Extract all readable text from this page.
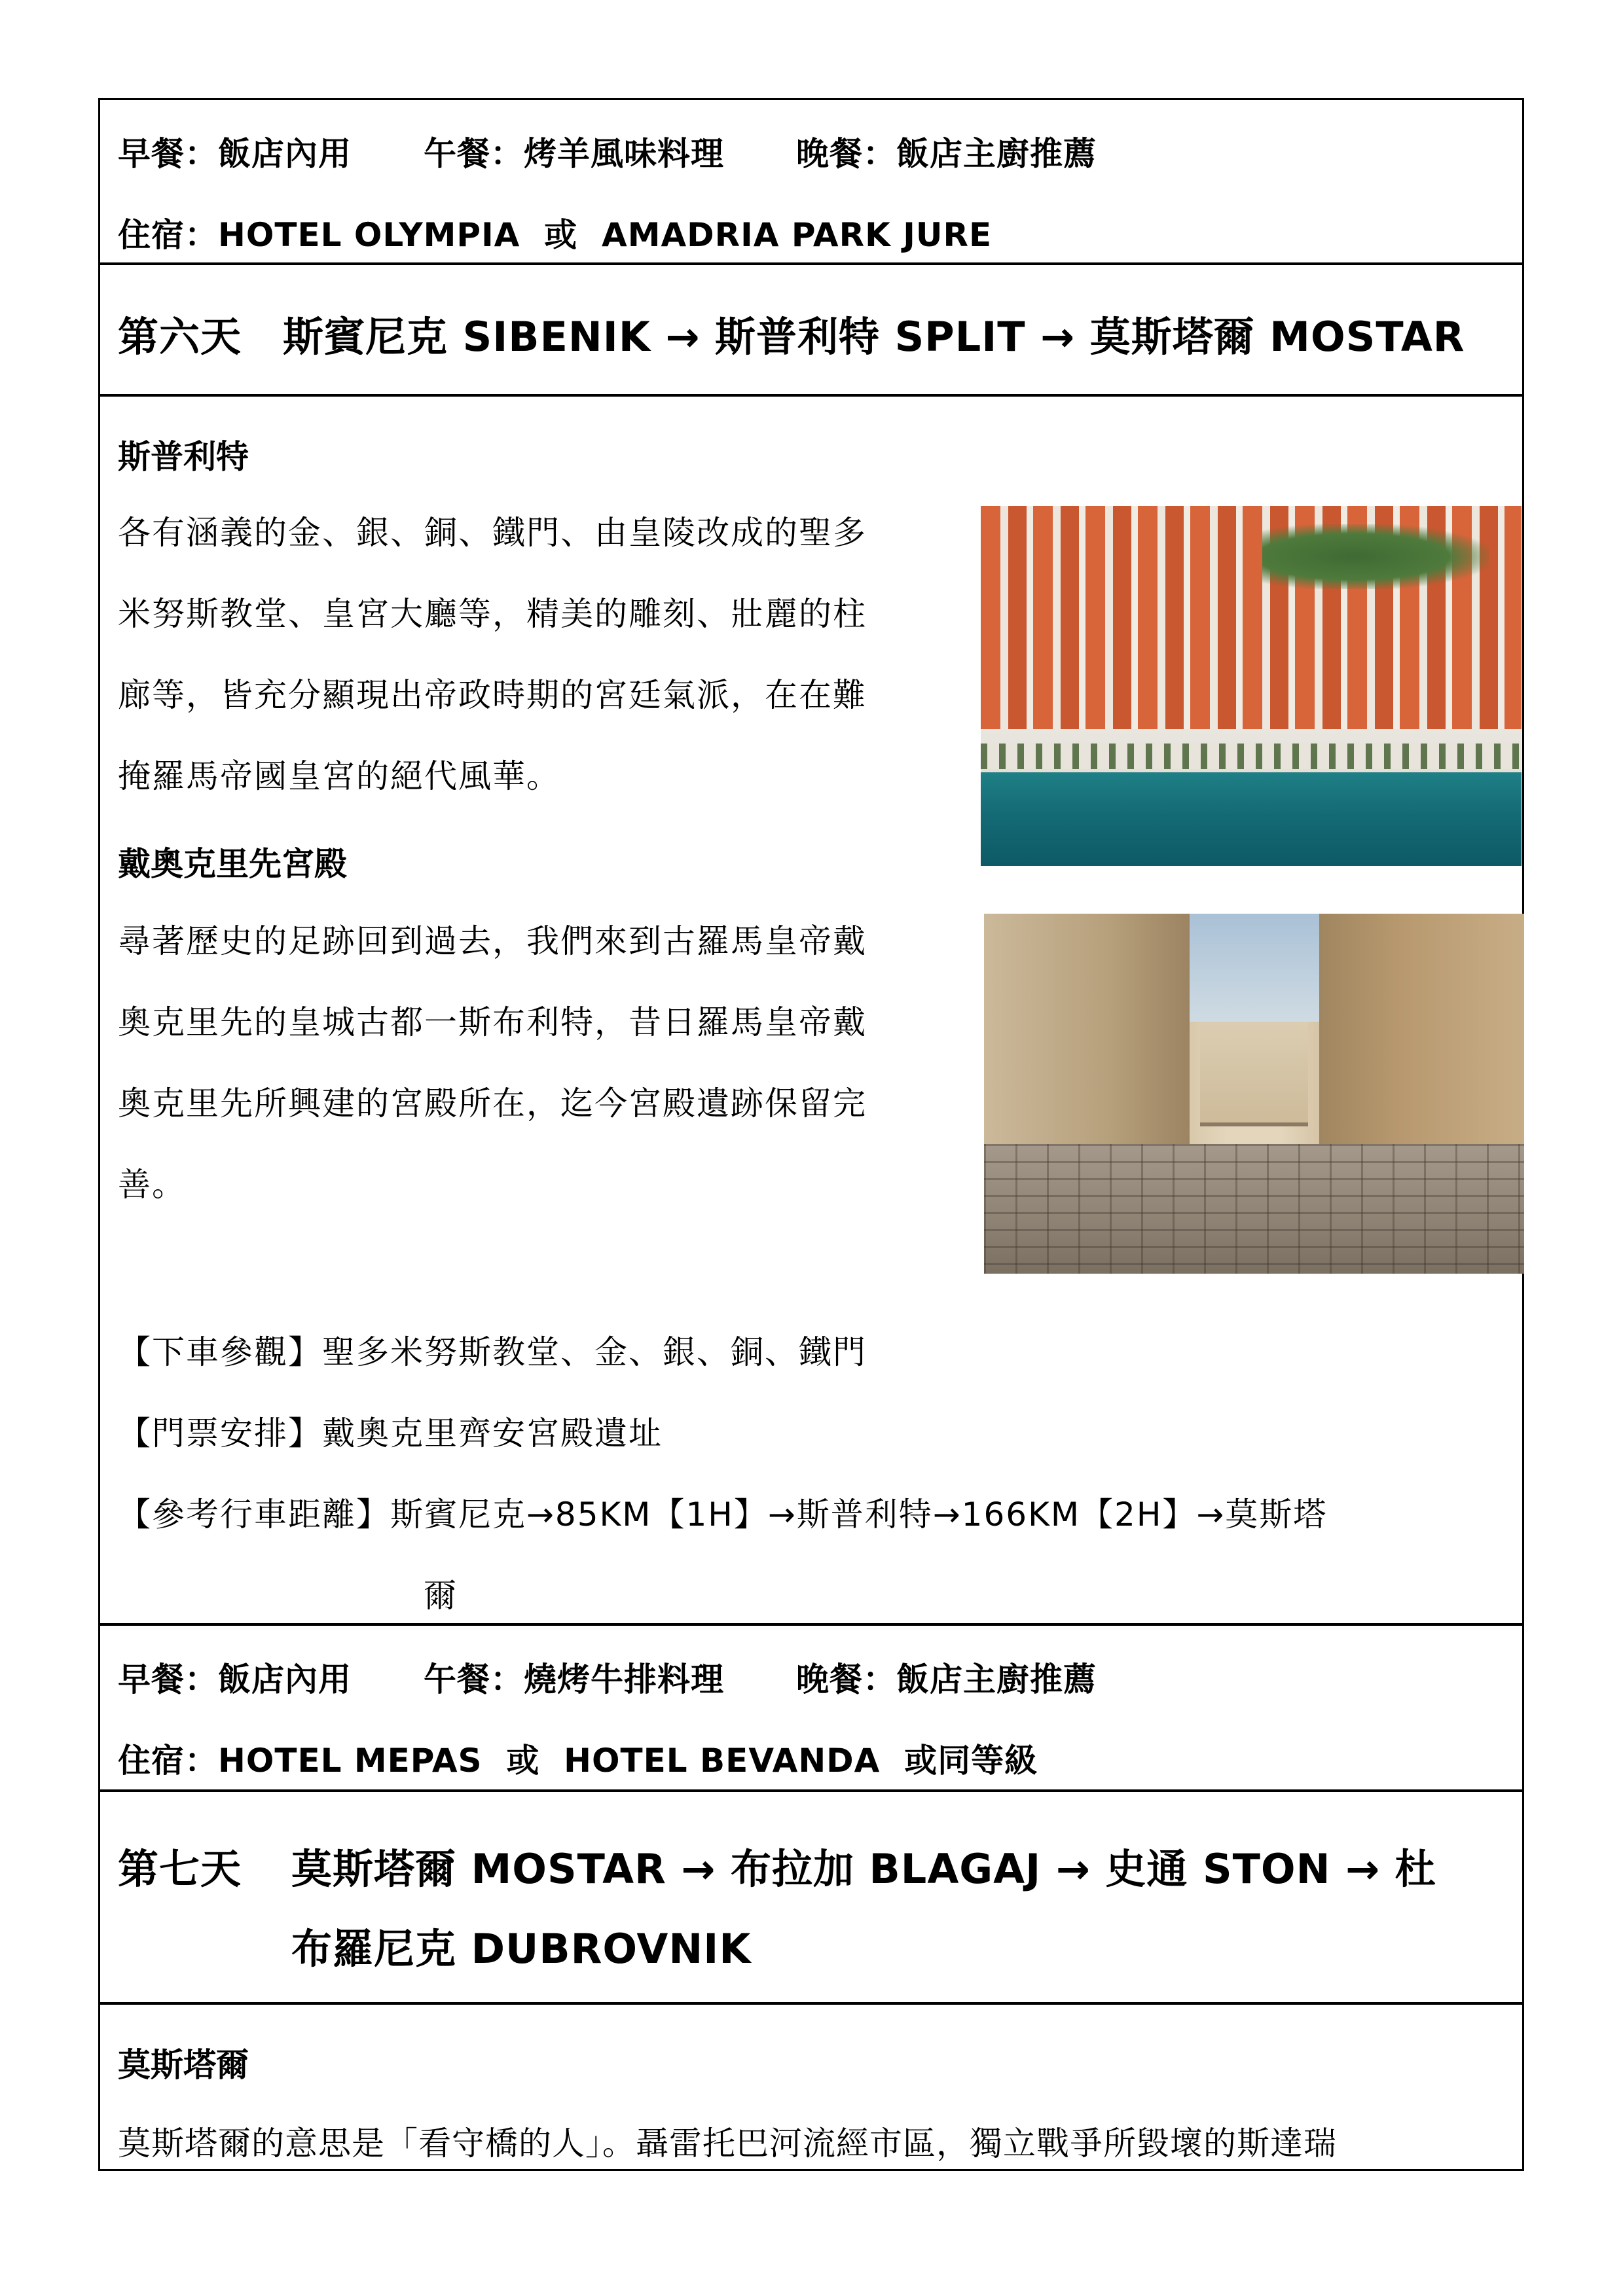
早餐：飯店內用 午餐：烤羊風味料理 晚餐：飯店主廚推薦
住宿：HOTEL OLYMPIA  或  AMADRIA PARK JURE
第六天　斯賓尼克 SIBENIK → 斯普利特 SPLIT → 莫斯塔爾 MOSTAR
斯普利特
各有涵義的金、銀、銅、鐵門、由皇陵改成的聖多
米努斯教堂、皇宮大廳等，精美的雕刻、壯麗的柱
廊等，皆充分顯現出帝政時期的宮廷氣派，在在難
掩羅馬帝國皇宮的絕代風華。
戴奧克里先宮殿
尋著歷史的足跡回到過去，我們來到古羅馬皇帝戴
奧克里先的皇城古都一斯布利特，昔日羅馬皇帝戴
奧克里先所興建的宮殿所在，迄今宮殿遺跡保留完
善。
【下車參觀】聖多米努斯教堂、金、銀、銅、鐵門
【門票安排】戴奧克里齊安宮殿遺址
【參考行車距離】斯賓尼克→85KM【1H】→斯普利特→166KM【2H】→莫斯塔
爾
早餐：飯店內用 午餐：燒烤牛排料理 晚餐：飯店主廚推薦
住宿：HOTEL MEPAS  或  HOTEL BEVANDA  或同等級
第七天 莫斯塔爾 MOSTAR → 布拉加 BLAGAJ → 史通 STON → 杜
布羅尼克 DUBROVNIK
莫斯塔爾
莫斯塔爾的意思是「看守橋的人」。聶雷托巴河流經市區，獨立戰爭所毀壞的斯達瑞
